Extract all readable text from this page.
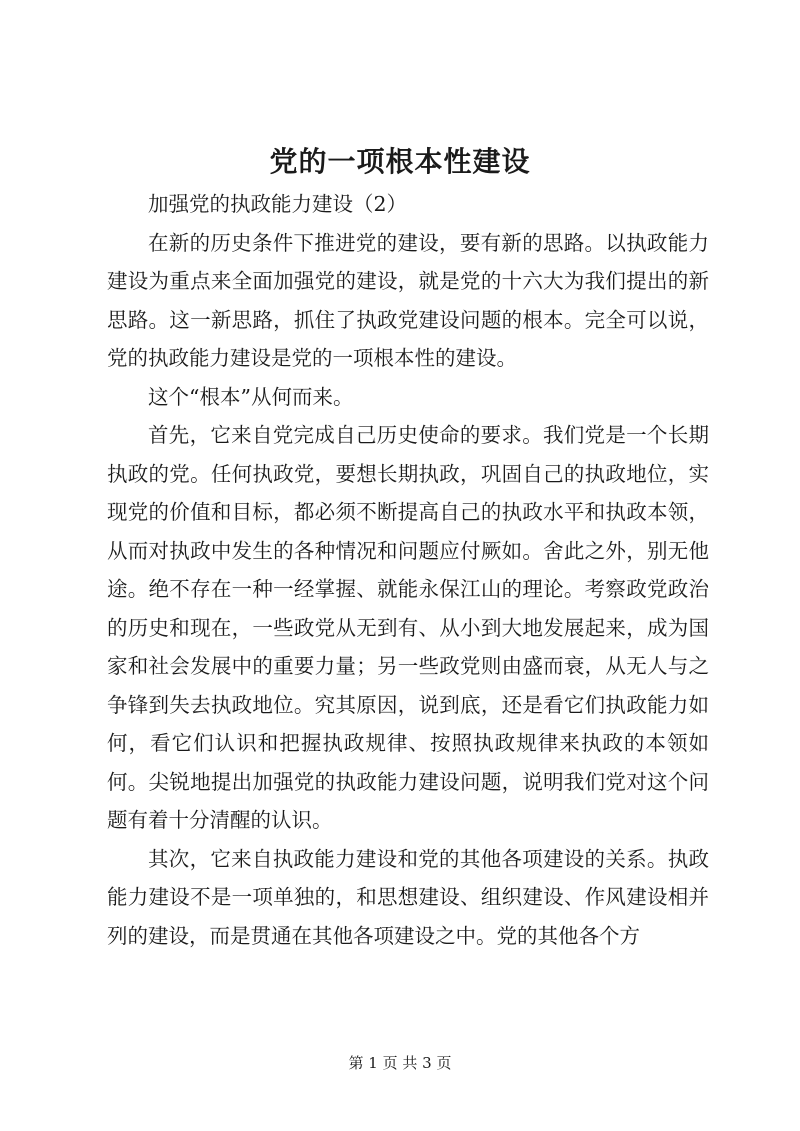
党的一项根本性建设

加强党的执政能力建设（2）

在新的历史条件下推进党的建设，要有新的思路。以执政能力建设为重点来全面加强党的建设，就是党的十六大为我们提出的新思路。这一新思路，抓住了执政党建设问题的根本。完全可以说，党的执政能力建设是党的一项根本性的建设。

这个“根本”从何而来。

首先，它来自党完成自己历史使命的要求。我们党是一个长期执政的党。任何执政党，要想长期执政，巩固自己的执政地位，实现党的价值和目标，都必须不断提高自己的执政水平和执政本领，从而对执政中发生的各种情况和问题应付厥如。舍此之外，别无他途。绝不存在一种一经掌握、就能永保江山的理论。考察政党政治的历史和现在，一些政党从无到有、从小到大地发展起来，成为国家和社会发展中的重要力量；另一些政党则由盛而衰，从无人与之争锋到失去执政地位。究其原因，说到底，还是看它们执政能力如何，看它们认识和把握执政规律、按照执政规律来执政的本领如何。尖锐地提出加强党的执政能力建设问题，说明我们党对这个问题有着十分清醒的认识。

其次，它来自执政能力建设和党的其他各项建设的关系。执政能力建设不是一项单独的，和思想建设、组织建设、作风建设相并列的建设，而是贯通在其他各项建设之中。党的其他各个方

第 1 页 共 3 页
